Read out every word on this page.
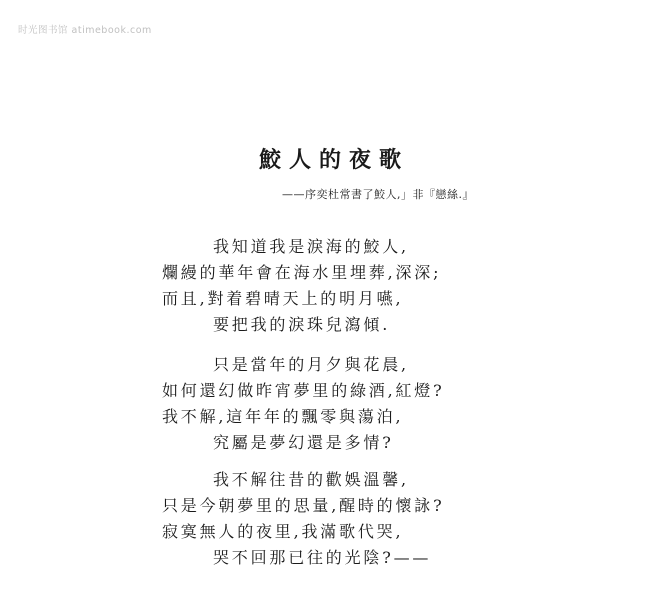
时光图书馆 atimebook.com
鮫人的夜歌
——序奕杜常書了鮫人,」非『戀絲.』
我知道我是淚海的鮫人,
爛縵的華年會在海水里埋葬,深深;
而且,對着碧晴天上的明月嚥,
要把我的淚珠兒瀉傾.
只是當年的月夕與花晨,
如何還幻做昨宵夢里的綠酒,紅燈?
我不解,這年年的飄零與蕩泊,
究屬是夢幻還是多情?
我不解往昔的歡娛溫馨,
只是今朝夢里的思量,醒時的懷詠?
寂寞無人的夜里,我滿歌代哭,
哭不回那已往的光陰?——
